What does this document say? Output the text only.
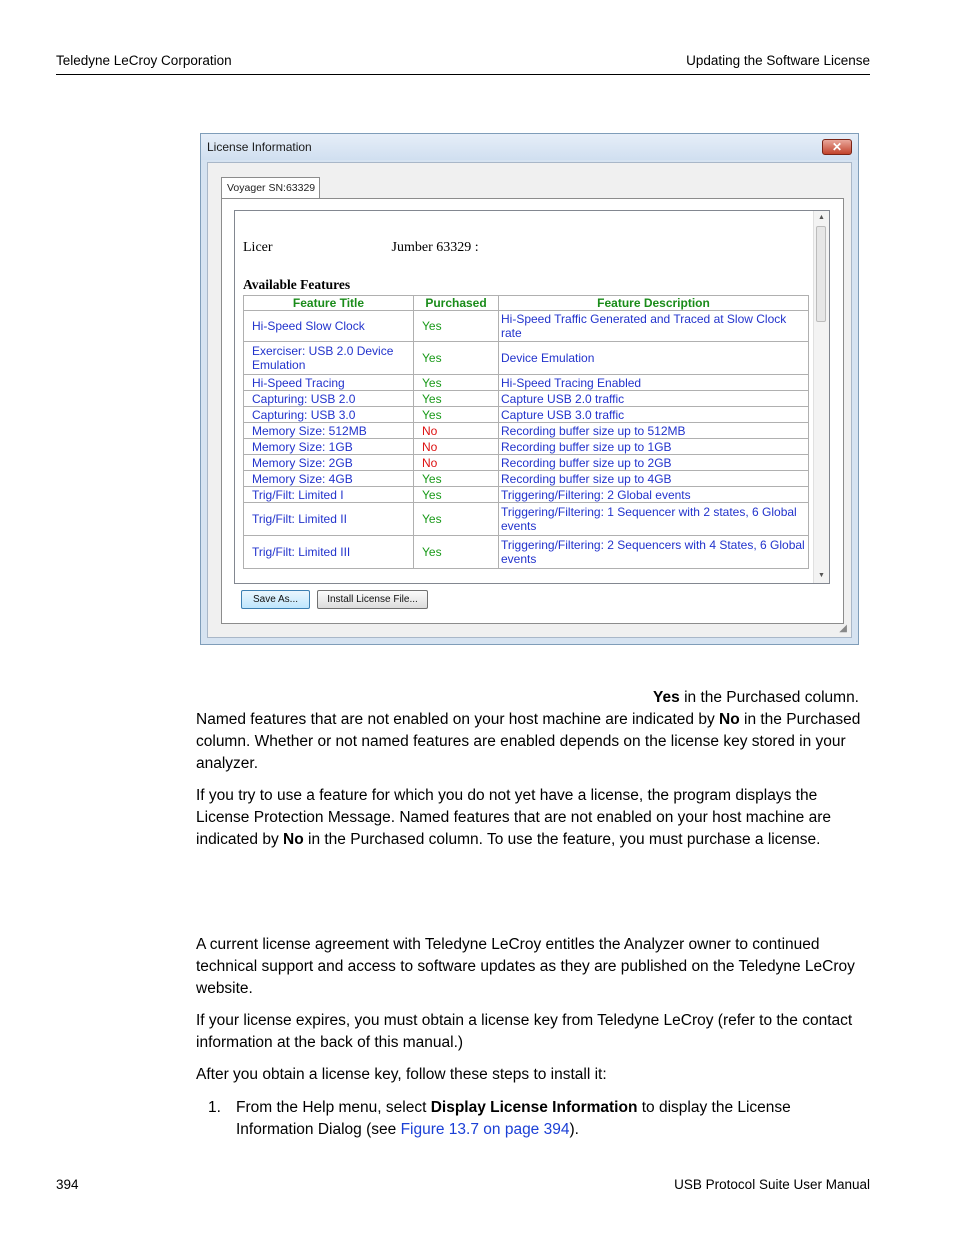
Teledyne LeCroy Corporation	Updating the Software License
License Information	✕
Voyager SN:63329
Licer                                  Jumber 63329 :
Available Features
Feature Title	Purchased	Feature Description
Hi-Speed Slow Clock	Yes	Hi-Speed Traffic Generated and Traced at Slow Clock rate
Exerciser: USB 2.0 Device Emulation	Yes	Device Emulation
Hi-Speed Tracing	Yes	Hi-Speed Tracing Enabled
Capturing: USB 2.0	Yes	Capture USB 2.0 traffic
Capturing: USB 3.0	Yes	Capture USB 3.0 traffic
Memory Size: 512MB	No	Recording buffer size up to 512MB
Memory Size: 1GB	No	Recording buffer size up to 1GB
Memory Size: 2GB	No	Recording buffer size up to 2GB
Memory Size: 4GB	Yes	Recording buffer size up to 4GB
Trig/Filt: Limited I	Yes	Triggering/Filtering: 2 Global events
Trig/Filt: Limited II	Yes	Triggering/Filtering: 1 Sequencer with 2 states, 6 Global events
Trig/Filt: Limited III	Yes	Triggering/Filtering: 2 Sequencers with 4 States, 6 Global events
▲
▼
Save As...	Install License File...
◢

Yes in the Purchased column.

Named features that are not enabled on your host machine are indicated by No in the Purchased column. Whether or not named features are enabled depends on the license key stored in your analyzer.

If you try to use a feature for which you do not yet have a license, the program displays the License Protection Message. Named features that are not enabled on your host machine are indicated by No in the Purchased column. To use the feature, you must purchase a license.

A current license agreement with Teledyne LeCroy entitles the Analyzer owner to continued technical support and access to software updates as they are published on the Teledyne LeCroy website.

If your license expires, you must obtain a license key from Teledyne LeCroy (refer to the contact information at the back of this manual.)

After you obtain a license key, follow these steps to install it:

1. From the Help menu, select Display License Information to display the License Information Dialog (see Figure 13.7 on page 394).
394	USB Protocol Suite User Manual
